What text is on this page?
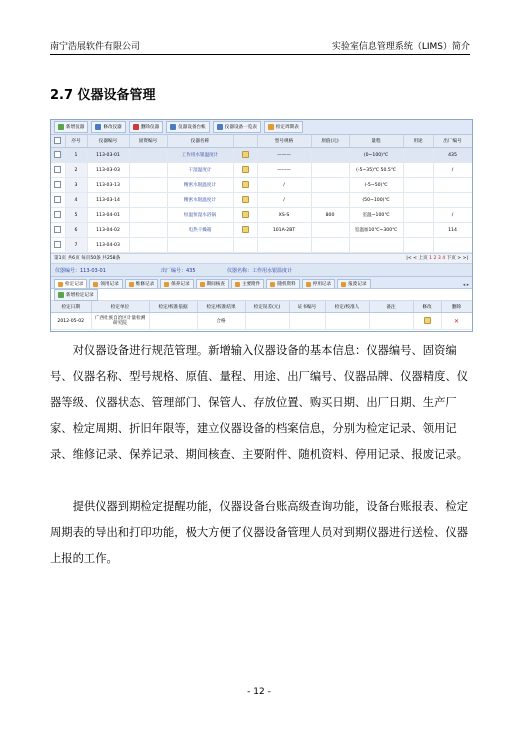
南宁浩展软件有限公司	实验室信息管理系统（LIMS）简介
2.7 仪器设备管理
新增仪器	修改仪器	删除仪器	仪器设备台帐	仪器设备一览表	检定周期表
	序号	仪器编号	固资编号	仪器名称		型号规格	原值(元)	量程	用途	出厂编号
	1	113-03-01		工作用水银温度计		———		(0~100)℃		435
	2	113-03-03		干湿温度计		———		(-5~35)℃ 50.5℃		/
	3	113-03-13		精密水银温度计		/		(-5~50)℃		
	4	113-03-14		精密水银温度计		/		(50~100)℃		
	5	113-04-01		恒温恒湿水浴锅		XS-S	800	室温~100℃		/
	6	113-04-02		电热干燥箱		101A-2BT		室温加10℃~300℃		114
	7	113-04-03								
第1页 共6页 每页50条 共258条	|< < 上页 1 2 3 4 下页 > >|
仪器编号：113-03-01	出厂编号：435	仪器名称：工作用水银温度计
检定记录	领用记录	维修记录	保养记录	期间核查	主要附件	随机资料	停用记录	报废记录	◂ ▸
新增检定记录
检定日期	检定单位	检定/校准依据	检定/校准结果	检定误差(元)	证书编号	检定/校准人	备注	修改	删除
2012-05-02	广西壮族自治区计量检测研究院		合格						✕

对仪器设备进行规范管理。新增输入仪器设备的基本信息：仪器编号、固资编号、仪器名称、型号规格、原值、量程、用途、出厂编号、仪器品牌、仪器精度、仪器等级、仪器状态、管理部门、保管人、存放位置、购买日期、出厂日期、生产厂家、检定周期、折旧年限等，建立仪器设备的档案信息，分别为检定记录、领用记录、维修记录、保养记录、期间核查、主要附件、随机资料、停用记录、报废记录。

提供仪器到期检定提醒功能，仪器设备台账高级查询功能，设备台账报表、检定周期表的导出和打印功能，极大方便了仪器设备管理人员对到期仪器进行送检、仪器上报的工作。

- 12 -
